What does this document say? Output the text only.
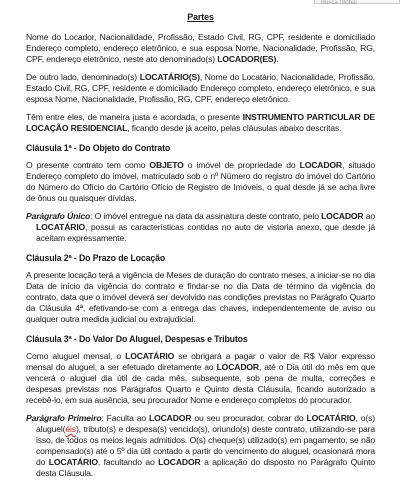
Busca Global
Partes

Nome do Locador, Nacionalidade, Profissão, Estado Civil, RG, CPF, residente e domiciliado Endereço completo, endereço eletrônico, e sua esposa Nome, Nacionalidade, Profissão, RG, CPF, endereço eletrônico, neste ato denominado(s) LOCADOR(ES).

De outro lado, denominado(s) LOCATÁRIO(S), Nome do Locatário, Nacionalidade, Profissão, Estado Civil, RG, CPF, residente e domiciliado Endereço completo, endereço eletrônico, e sua esposa Nome, Nacionalidade, Profissão, RG, CPF, endereço eletrônico.

Têm entre eles, de maneira justa e acordada, o presente INSTRUMENTO PARTICULAR DE LOCAÇÃO RESIDENCIAL, ficando desde já aceito, pelas cláusulas abaixo descritas.

Cláusula 1ª - Do Objeto do Contrato

O presente contrato tem como OBJETO o imóvel de propriedade do LOCADOR, situado Endereço completo do imóvel, matriculado sob o nº Número do registro do imóvel do Cartório do Número do Ofício do Cartório Ofício de Registro de Imóveis, o qual desde já se acha livre de ônus ou quaisquer dívidas.

Parágrafo Único: O imóvel entregue na data da assinatura deste contrato, pelo LOCADOR ao LOCATÁRIO, possui as características contidas no auto de vistoria anexo, que desde já aceitam expressamente.

Cláusula 2ª - Do Prazo de Locação

A presente locação terá a vigência de Meses de duração do contrato meses, a iniciar-se no dia Data de início da vigência do contrato e findar-se no dia Data de término da vigência do contrato, data que o imóvel deverá ser devolvido nas condições previstas no Parágrafo Quarto da Cláusula 4ª, efetivando-se com a entrega das chaves, independentemente de aviso ou qualquer outra medida judicial ou extrajudicial.

Cláusula 3ª - Do Valor Do Aluguel, Despesas e Tributos

Como aluguel mensal, o LOCATÁRIO se obrigará a pagar o valor de R$ Valor expresso mensal do aluguel, a ser efetuado diretamente ao LOCADOR, até o Dia útil do mês em que vencerá o aluguel dia útil de cada mês, subsequente, sob pena de multa, correções e despesas previstas nos Parágrafos Quarto e Quinto desta Cláusula, ficando autorizado a recebê-lo, em sua ausência, seu procurador Nome e endereço completos do procurador.

Parágrafo Primeiro: Faculta ao LOCADOR ou seu procurador, cobrar do LOCATÁRIO, o(s) aluguel(éis), tributo(s) e despesa(s) vencido(s), oriundo(s) deste contrato, utilizando-se para isso, de todos os meios legais admitidos. O(s) cheque(s) utilizado(s) em pagamento, se não compensado(s) até o 5º dia útil contado a partir do vencimento do aluguel, ocasionará mora do LOCATÁRIO, facultando ao LOCADOR a aplicação do disposto no Parágrafo Quinto desta Cláusula.
